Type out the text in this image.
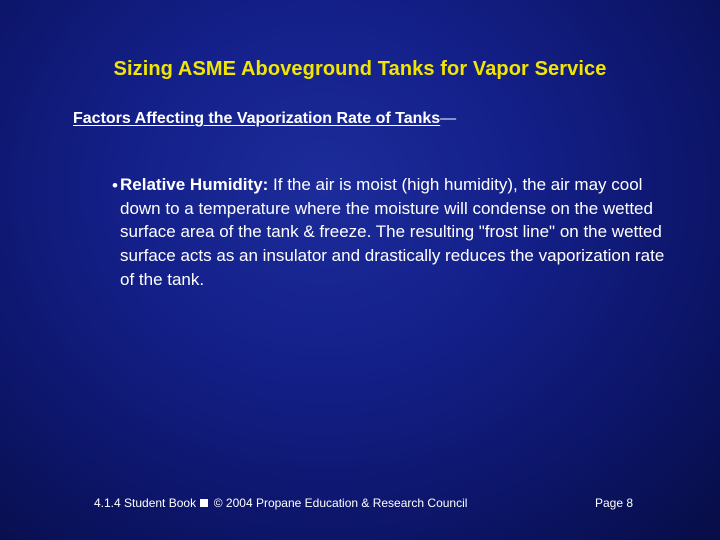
Sizing ASME Aboveground Tanks for Vapor Service
Factors Affecting the Vaporization Rate of Tanks—
• Relative Humidity: If the air is moist (high humidity), the air may cool down to a temperature where the moisture will condense on the wetted surface area of the tank & freeze. The resulting "frost line" on the wetted surface acts as an insulator and drastically reduces the vaporization rate of the tank.
4.1.4 Student Book  © 2004 Propane Education & Research Council	Page 8
